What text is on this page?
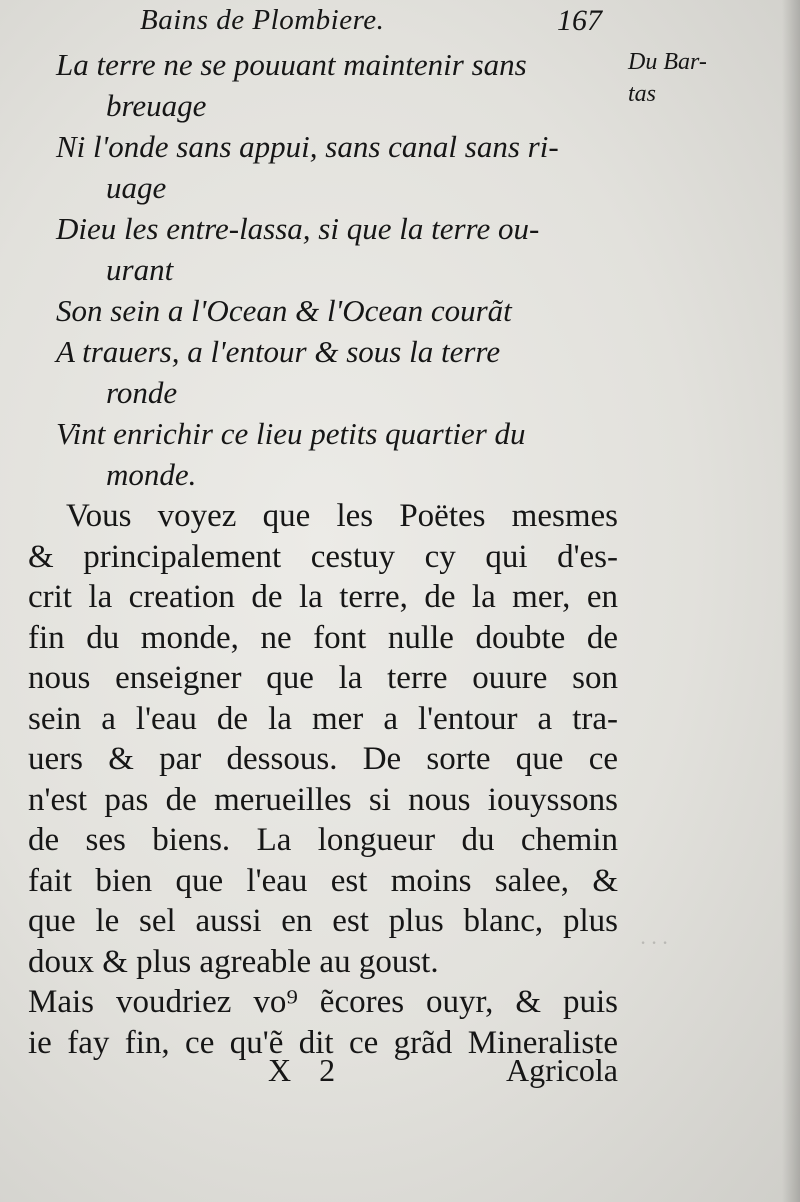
· · ·
Bains de Plombiere.	167
Du Bar-
tas
La terre ne se pouuant maintenir sans
breuage
Ni l'onde sans appui, sans canal sans ri-
uage
Dieu les entre-lassa, si que la terre ou-
urant
Son sein a l'Ocean & l'Ocean courãt
A trauers, a l'entour & sous la terre
ronde
Vint enrichir ce lieu petits quartier du
monde.
Vous voyez que les Poëtes mesmes
& principalement cestuy cy qui d'es-
crit la creation de la terre, de la mer, en
fin du monde, ne font nulle doubte de
nous enseigner que la terre ouure son
sein a l'eau de la mer a l'entour a tra-
uers & par dessous. De sorte que ce
n'est pas de merueilles si nous iouyssons
de ses biens. La longueur du chemin
fait bien que l'eau est moins salee, &
que le sel aussi en est plus blanc, plus
doux & plus agreable au goust.
Mais voudriez vo⁹ ẽcores ouyr, & puis
ie fay fin, ce qu'ẽ dit ce grãd Mineraliste
X 2	Agricola
